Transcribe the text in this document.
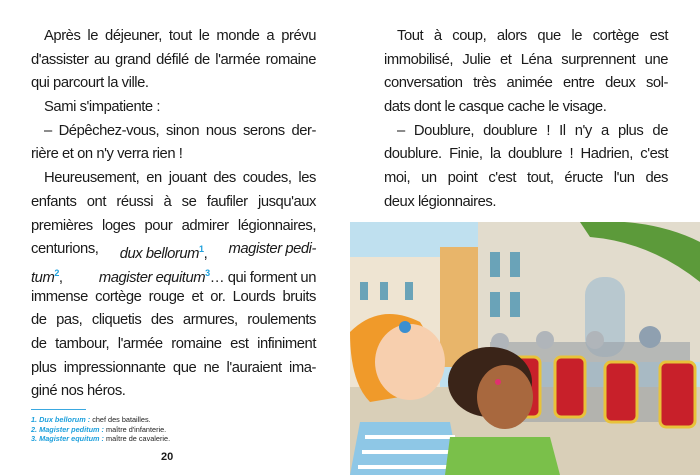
Après le déjeuner, tout le monde a prévu
d'assister au grand défilé de l'armée romaine
qui parcourt la ville.
Sami s'impatiente :
– Dépêchez-vous, sinon nous serons der-
rière et on n'y verra rien !
Heureusement, en jouant des coudes, les
enfants ont réussi à se faufiler jusqu'aux
premières loges pour admirer légionnaires,
centurions, dux bellorum$^1$, magister pedi-
tum$^2$, magister equitum$^3$… qui forment un
immense cortège rouge et or. Lourds bruits
de pas, cliquetis des armures, roulements
de tambour, l'armée romaine est infiniment
plus impressionnante que ne l'auraient ima-
giné nos héros.
Tout à coup, alors que le cortège est
immobilisé, Julie et Léna surprennent une
conversation très animée entre deux sol-
dats dont le casque cache le visage.
– Doublure, doublure ! Il n'y a plus de
doublure. Finie, la doublure ! Hadrien, c'est
moi, un point c'est tout, éructe l'un des
deux légionnaires.
1. Dux bellorum : chef des batailles.
2. Magister peditum : maître d'infanterie.
3. Magister equitum : maître de cavalerie.
20
